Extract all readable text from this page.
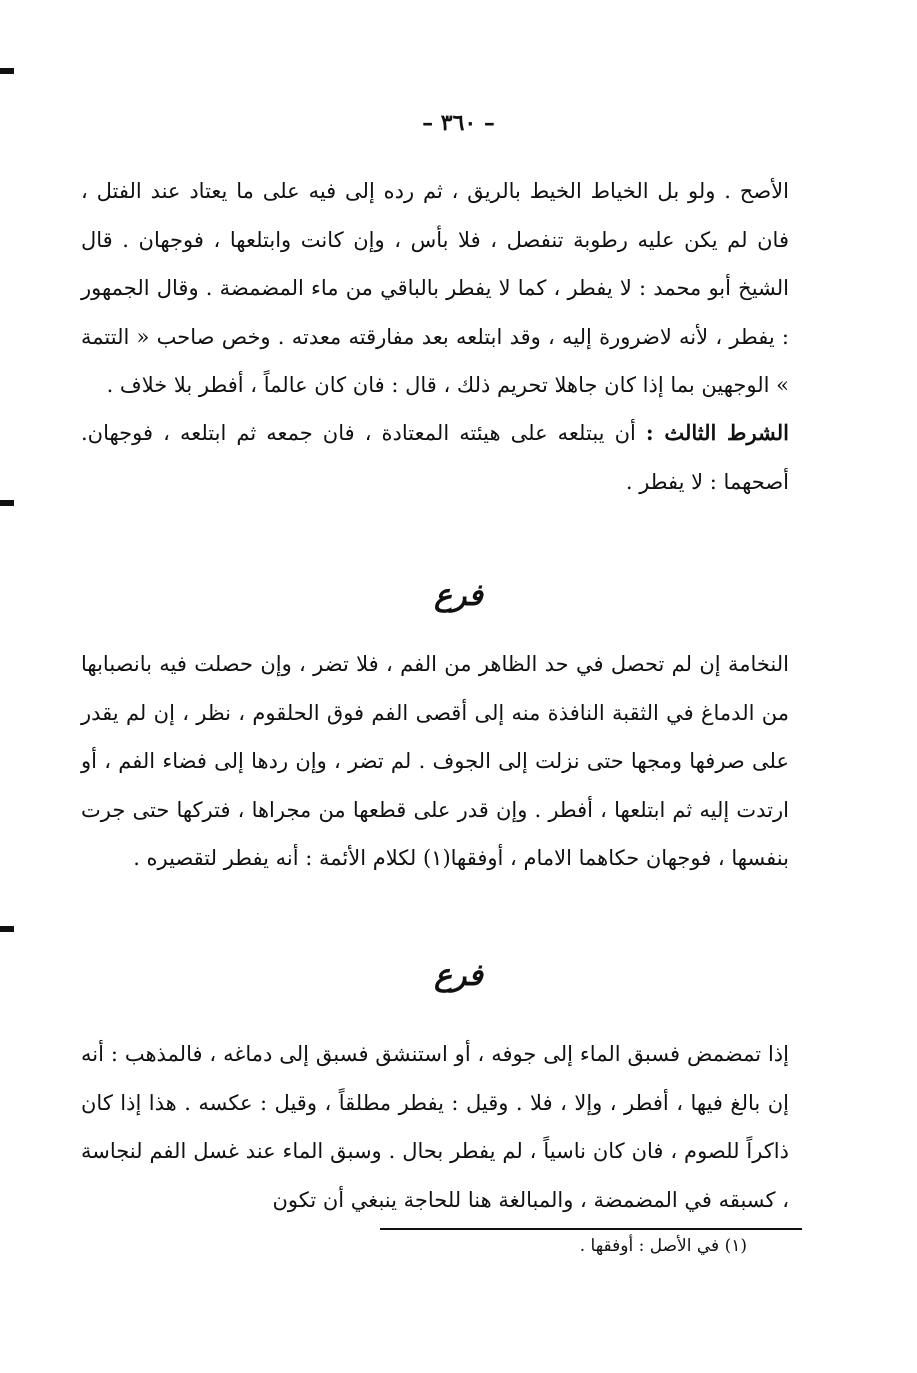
– ٣٦٠ –

الأصح . ولو بل الخياط الخيط بالريق ، ثم رده إلى فيه على ما يعتاد عند الفتل ، فان لم يكن عليه رطوبة تنفصل ، فلا بأس ، وإن كانت وابتلعها ، فوجهان . قال الشيخ أبو محمد : لا يفطر ، كما لا يفطر بالباقي من ماء المضمضة . وقال الجمهور : يفطر ، لأنه لاضرورة إليه ، وقد ابتلعه بعد مفارقته معدته . وخص صاحب « التتمة » الوجهين بما إذا كان جاهلا تحريم ذلك ، قال : فان كان عالماً ، أفطر بلا خلاف .

الشرط الثالث : أن يبتلعه على هيئته المعتادة ، فان جمعه ثم ابتلعه ، فوجهان. أصحهما : لا يفطر .

فرع

النخامة إن لم تحصل في حد الظاهر من الفم ، فلا تضر ، وإن حصلت فيه بانصبابها من الدماغ في الثقبة النافذة منه إلى أقصى الفم فوق الحلقوم ، نظر ، إن لم يقدر على صرفها ومجها حتى نزلت إلى الجوف . لم تضر ، وإن ردها إلى فضاء الفم ، أو ارتدت إليه ثم ابتلعها ، أفطر . وإن قدر على قطعها من مجراها ، فتركها حتى جرت بنفسها ، فوجهان حكاهما الامام ، أوفقها(١) لكلام الأئمة : أنه يفطر لتقصيره .

فرع

إذا تمضمض فسبق الماء إلى جوفه ، أو استنشق فسبق إلى دماغه ، فالمذهب : أنه إن بالغ فيها ، أفطر ، وإلا ، فلا . وقيل : يفطر مطلقاً ، وقيل : عكسه . هذا إذا كان ذاكراً للصوم ، فان كان ناسياً ، لم يفطر بحال . وسبق الماء عند غسل الفم لنجاسة ، كسبقه في المضمضة ، والمبالغة هنا للحاجة ينبغي أن تكون

(١) في الأصل : أوفقها .
